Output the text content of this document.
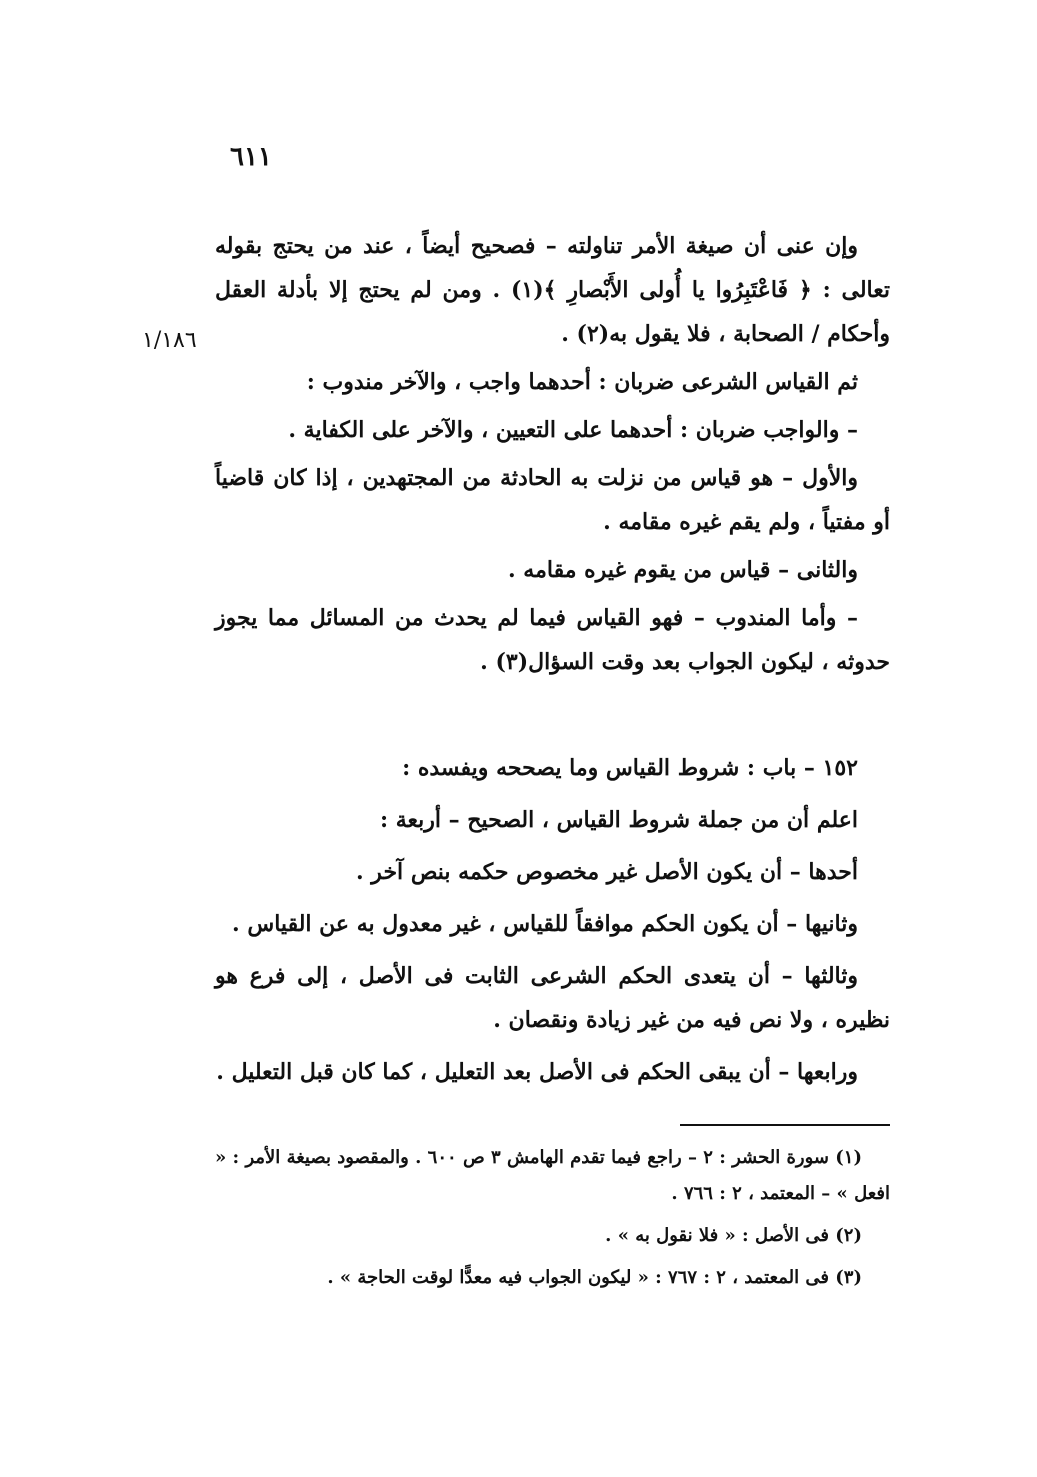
٦١١
١/١٨٦

وإن عنى أن صيغة الأمر تناولته – فصحيح أيضاً ، عند من يحتج بقوله تعالى : ﴿ فَاعْتَبِرُوا يا أُولى الأَبْصارِ ﴾(١) . ومن لم يحتج إلا بأدلة العقل وأحكام / الصحابة ، فلا يقول به(٢) .

ثم القياس الشرعى ضربان : أحدهما واجب ، والآخر مندوب :

– والواجب ضربان : أحدهما على التعيين ، والآخر على الكفاية .

والأول – هو قياس من نزلت به الحادثة من المجتهدين ، إذا كان قاضياً أو مفتياً ، ولم يقم غيره مقامه .

والثانى – قياس من يقوم غيره مقامه .

– وأما المندوب – فهو القياس فيما لم يحدث من المسائل مما يجوز حدوثه ، ليكون الجواب بعد وقت السؤال(٣) .

١٥٢ – باب : شروط القياس وما يصححه ويفسده :

اعلم أن من جملة شروط القياس ، الصحيح – أربعة :

أحدها – أن يكون الأصل غير مخصوص حكمه بنص آخر .

وثانيها – أن يكون الحكم موافقاً للقياس ، غير معدول به عن القياس .

وثالثها – أن يتعدى الحكم الشرعى الثابت فى الأصل ، إلى فرع هو نظيره ، ولا نص فيه من غير زيادة ونقصان .

ورابعها – أن يبقى الحكم فى الأصل بعد التعليل ، كما كان قبل التعليل .

(١) سورة الحشر : ٢ – راجع فيما تقدم الهامش ٣ ص ٦٠٠ . والمقصود بصيغة الأمر : « افعل » – المعتمد ، ٢ : ٧٦٦ .

(٢) فى الأصل : « فلا نقول به » .

(٣) فى المعتمد ، ٢ : ٧٦٧ : « ليكون الجواب فيه معدًّا لوقت الحاجة » .
